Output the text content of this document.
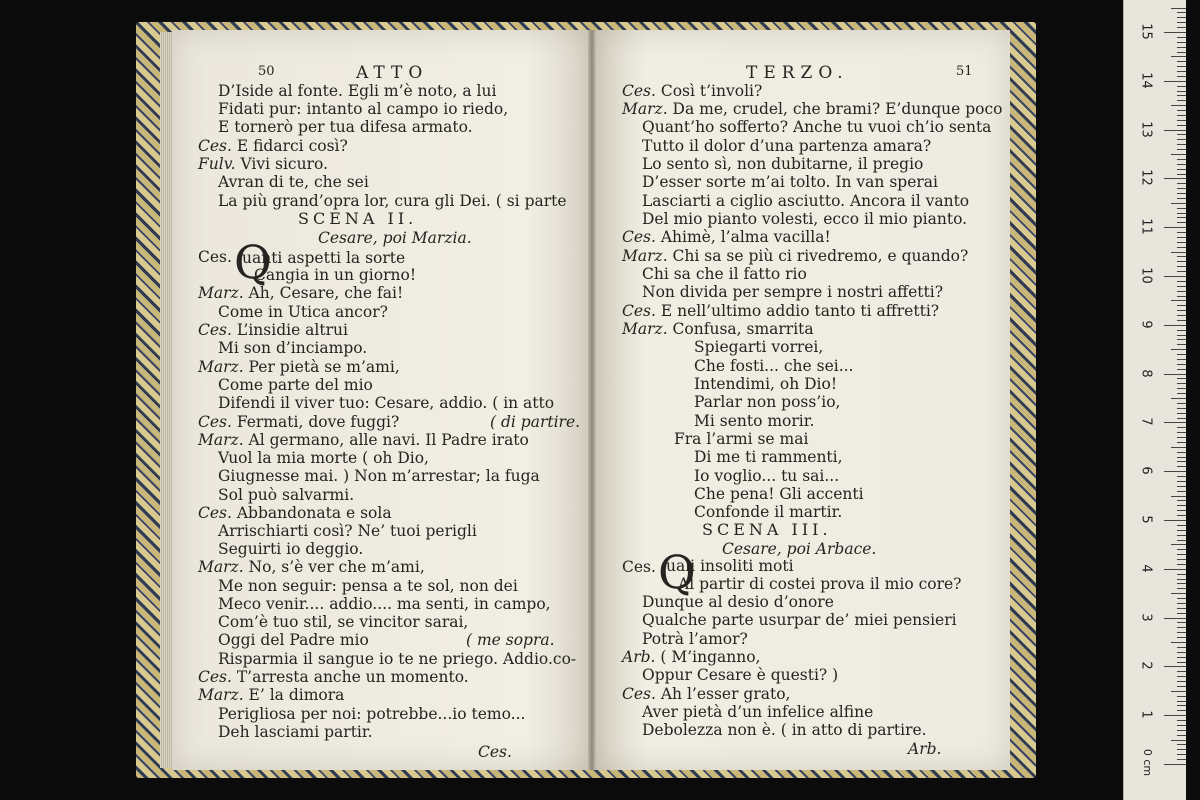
50	ATTO
D’Iside al fonte. Egli m’è noto, a lui
Fidati pur: intanto al campo io riedo,
E tornerò per tua difesa armato.
Ces. E fidarci così?
Fulv. Vivi sicuro.
Avran di te, che sei
La più grand’opra lor, cura gli Dei. ( si parte
SCENA II.
Cesare, poi Marzia.
Ces. Q
uanti aspetti la sorte
Cangia in un giorno!
Marz. Ah, Cesare, che fai!
Come in Utica ancor?
Ces. L’insidie altrui
Mi son d’inciampo.
Marz. Per pietà se m’ami,
Come parte del mio
Difendi il viver tuo: Cesare, addio. ( in atto
Ces. Fermati, dove fuggi?	( di partire.
Marz. Al germano, alle navi. Il Padre irato
Vuol la mia morte ( oh Dio,
Giugnesse mai. ) Non m’arrestar; la fuga
Sol può salvarmi.
Ces. Abbandonata e sola
Arrischiarti così? Ne’ tuoi perigli
Seguirti io deggio.
Marz. No, s’è ver che m’ami,
Me non seguir: pensa a te sol, non dei
Meco venir.... addio.... ma senti, in campo,
Com’è tuo stil, se vincitor sarai,
Oggi del Padre mio	( me sopra.
Risparmia il sangue io te ne priego. Addio.co-
Ces. T’arresta anche un momento.
Marz. E’ la dimora
Perigliosa per noi: potrebbe...io temo...
Deh lasciami partir.
Ces.
TERZO.	51
Ces. Così t’involi?
Marz. Da me, crudel, che brami? E’dunque poco
Quant’ho sofferto? Anche tu vuoi ch’io senta
Tutto il dolor d’una partenza amara?
Lo sento sì, non dubitarne, il pregio
D’esser sorte m’ai tolto. In van sperai
Lasciarti a ciglio asciutto. Ancora il vanto
Del mio pianto volesti, ecco il mio pianto.
Ces. Ahimè, l’alma vacilla!
Marz. Chi sa se più ci rivedremo, e quando?
Chi sa che il fatto rio
Non divida per sempre i nostri affetti?
Ces. E nell’ultimo addio tanto ti affretti?
Marz. Confusa, smarrita
Spiegarti vorrei,
Che fosti... che sei...
Intendimi, oh Dio!
Parlar non poss’io,
Mi sento morir.
Fra l’armi se mai
Di me ti rammenti,
Io voglio... tu sai...
Che pena! Gli accenti
Confonde il martir.
SCENA III.
Cesare, poi Arbace.
Ces. Q
uali insoliti moti
Al partir di costei prova il mio core?
Dunque al desio d’onore
Qualche parte usurpar de’ miei pensieri
Potrà l’amor?
Arb. ( M’inganno,
Oppur Cesare è questi? )
Ces. Ah l’esser grato,
Aver pietà d’un infelice alfine
Debolezza non è. ( in atto di partire.
Arb.
15
14
13
12
11
10
9
8
7
6
5
4
3
2
1
0 cm
